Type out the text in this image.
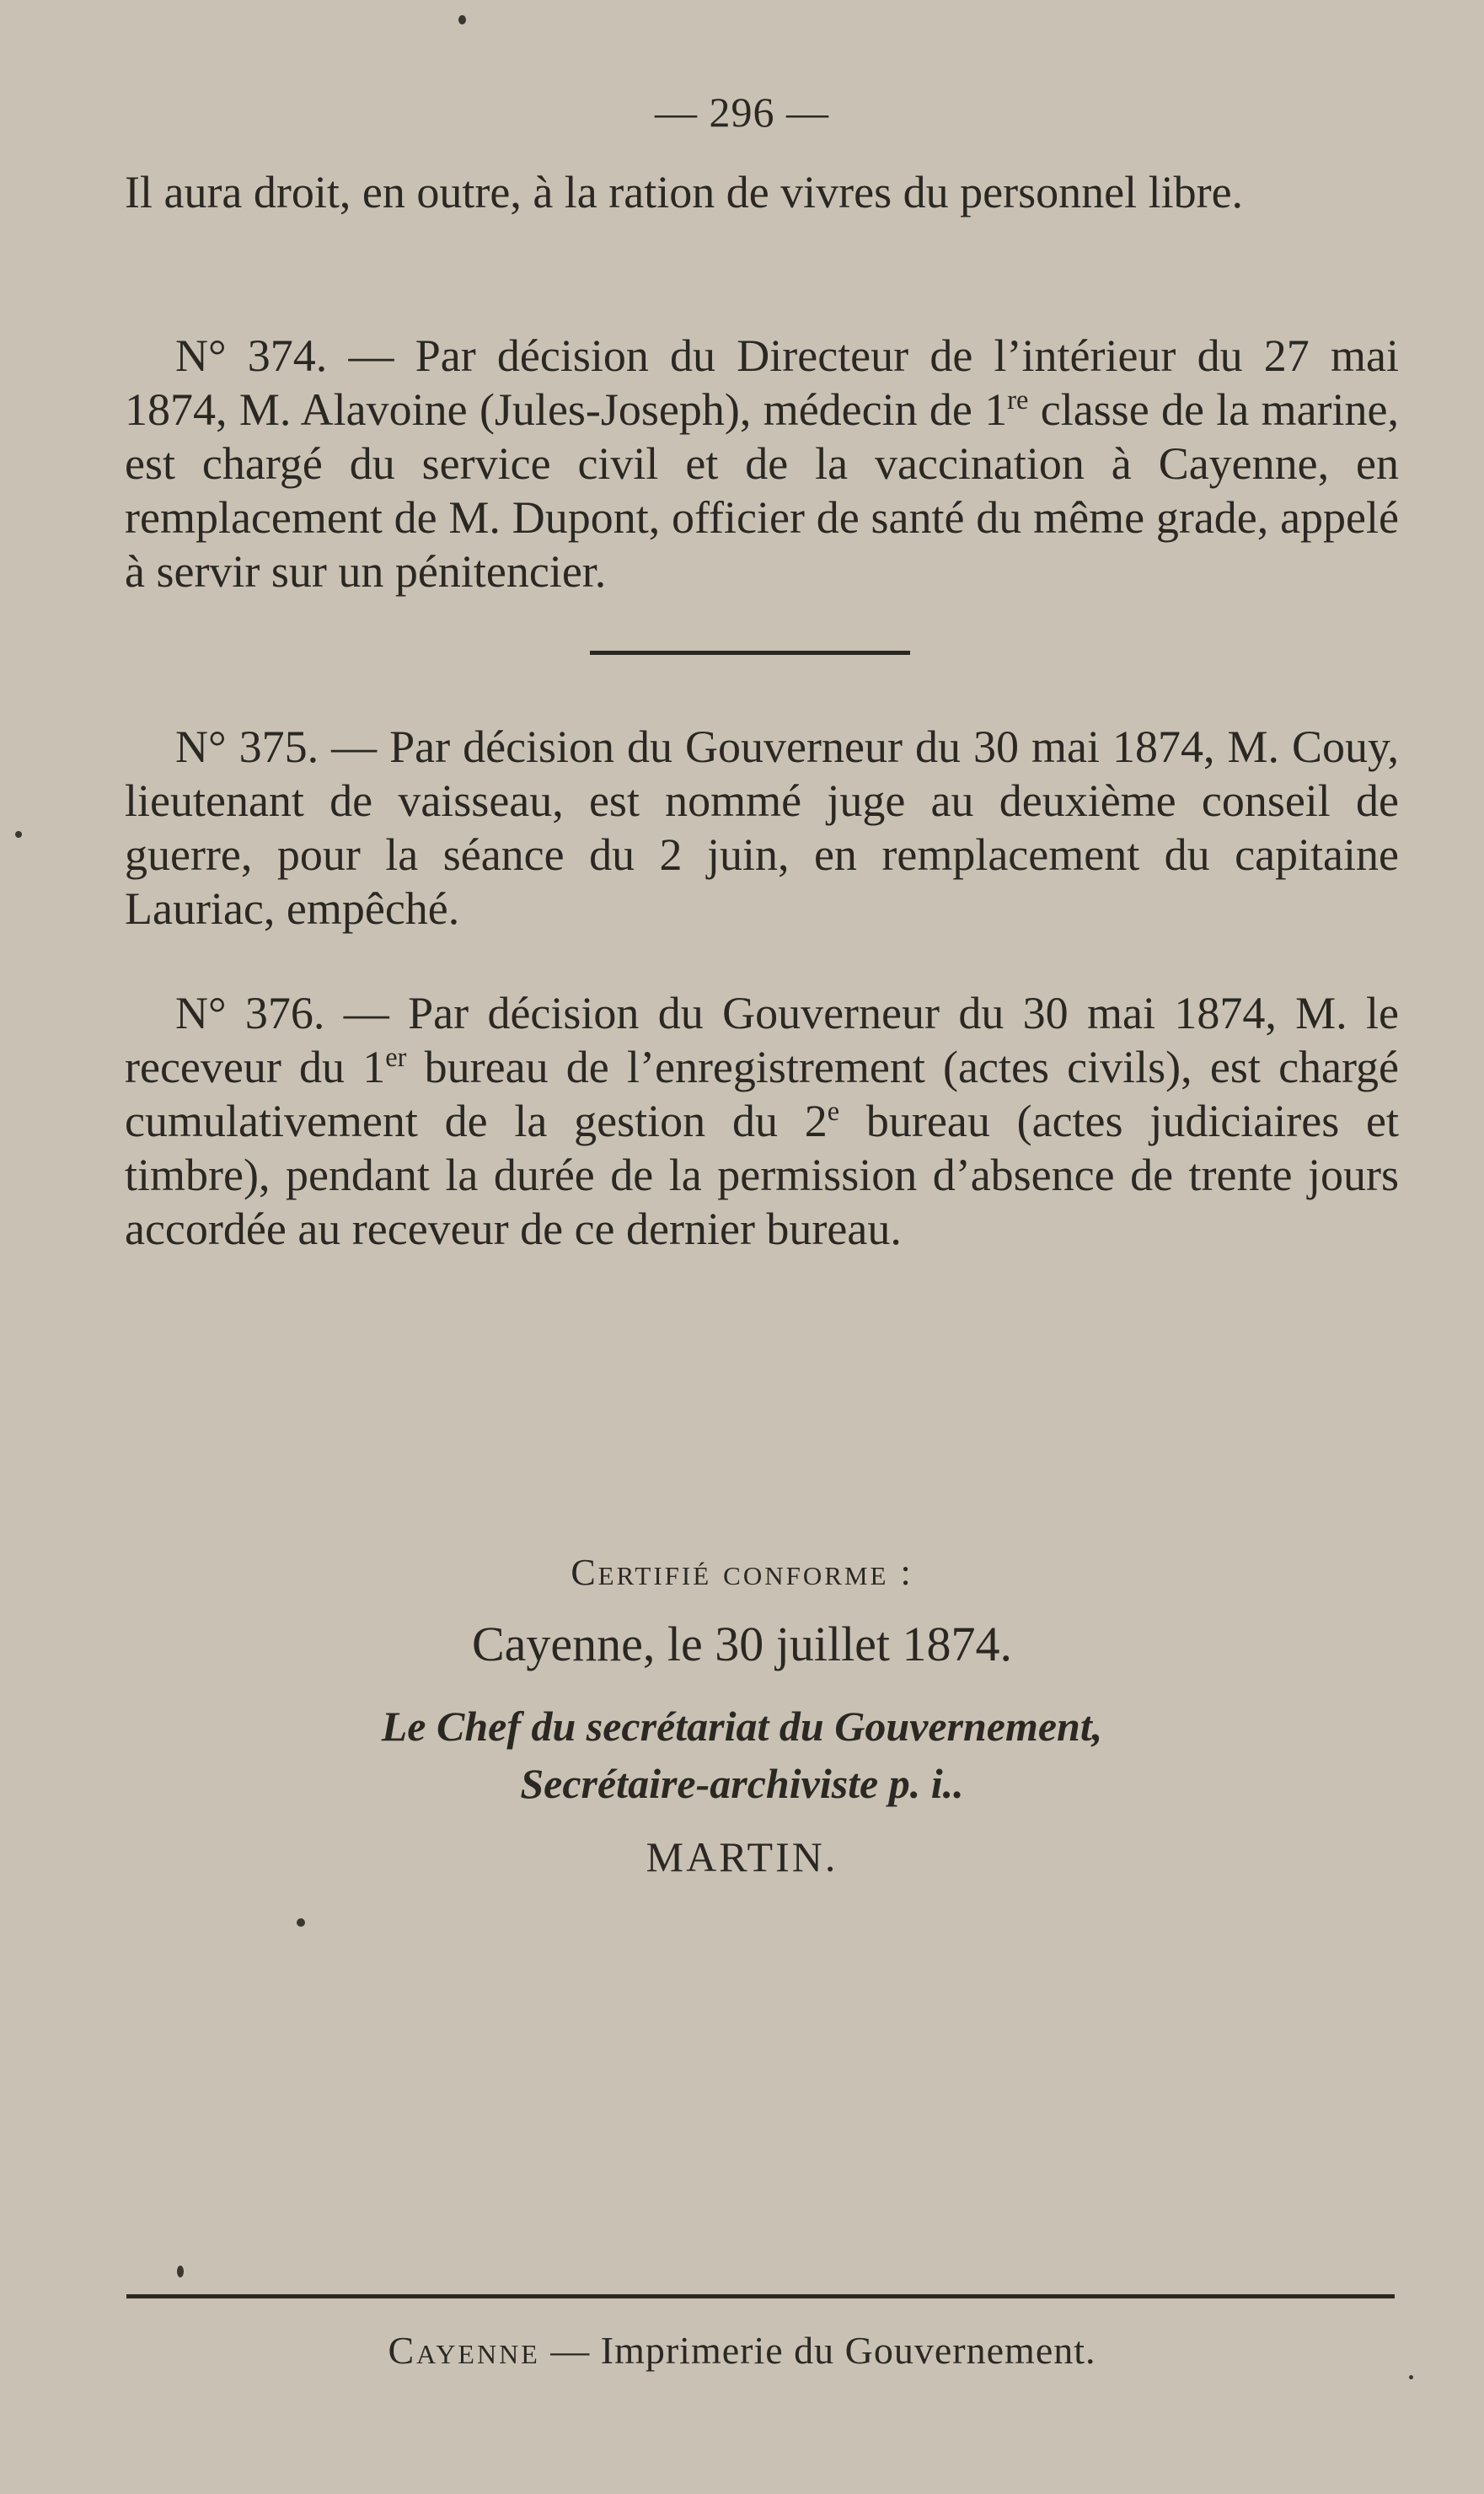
— 296 —

Il aura droit, en outre, à la ration de vivres du personnel libre.

N° 374. — Par décision du Directeur de l’intérieur du 27 mai 1874, M. Alavoine (Jules-Joseph), médecin de 1re classe de la marine, est chargé du service civil et de la vaccination à Cayenne, en remplacement de M. Dupont, officier de santé du même grade, appelé à servir sur un pénitencier.

N° 375. — Par décision du Gouverneur du 30 mai 1874, M. Couy, lieutenant de vaisseau, est nommé juge au deuxième conseil de guerre, pour la séance du 2 juin, en remplacement du capitaine Lauriac, empêché.

N° 376. — Par décision du Gouverneur du 30 mai 1874, M. le receveur du 1er bureau de l’enregistrement (actes civils), est chargé cumulativement de la gestion du 2e bureau (actes judiciaires et timbre), pendant la durée de la permission d’absence de trente jours accordée au receveur de ce dernier bureau.

Certifié conforme :
Cayenne, le 30 juillet 1874.
Le Chef du secrétariat du Gouvernement,
Secrétaire-archiviste p. i..
MARTIN.
Cayenne — Imprimerie du Gouvernement.
